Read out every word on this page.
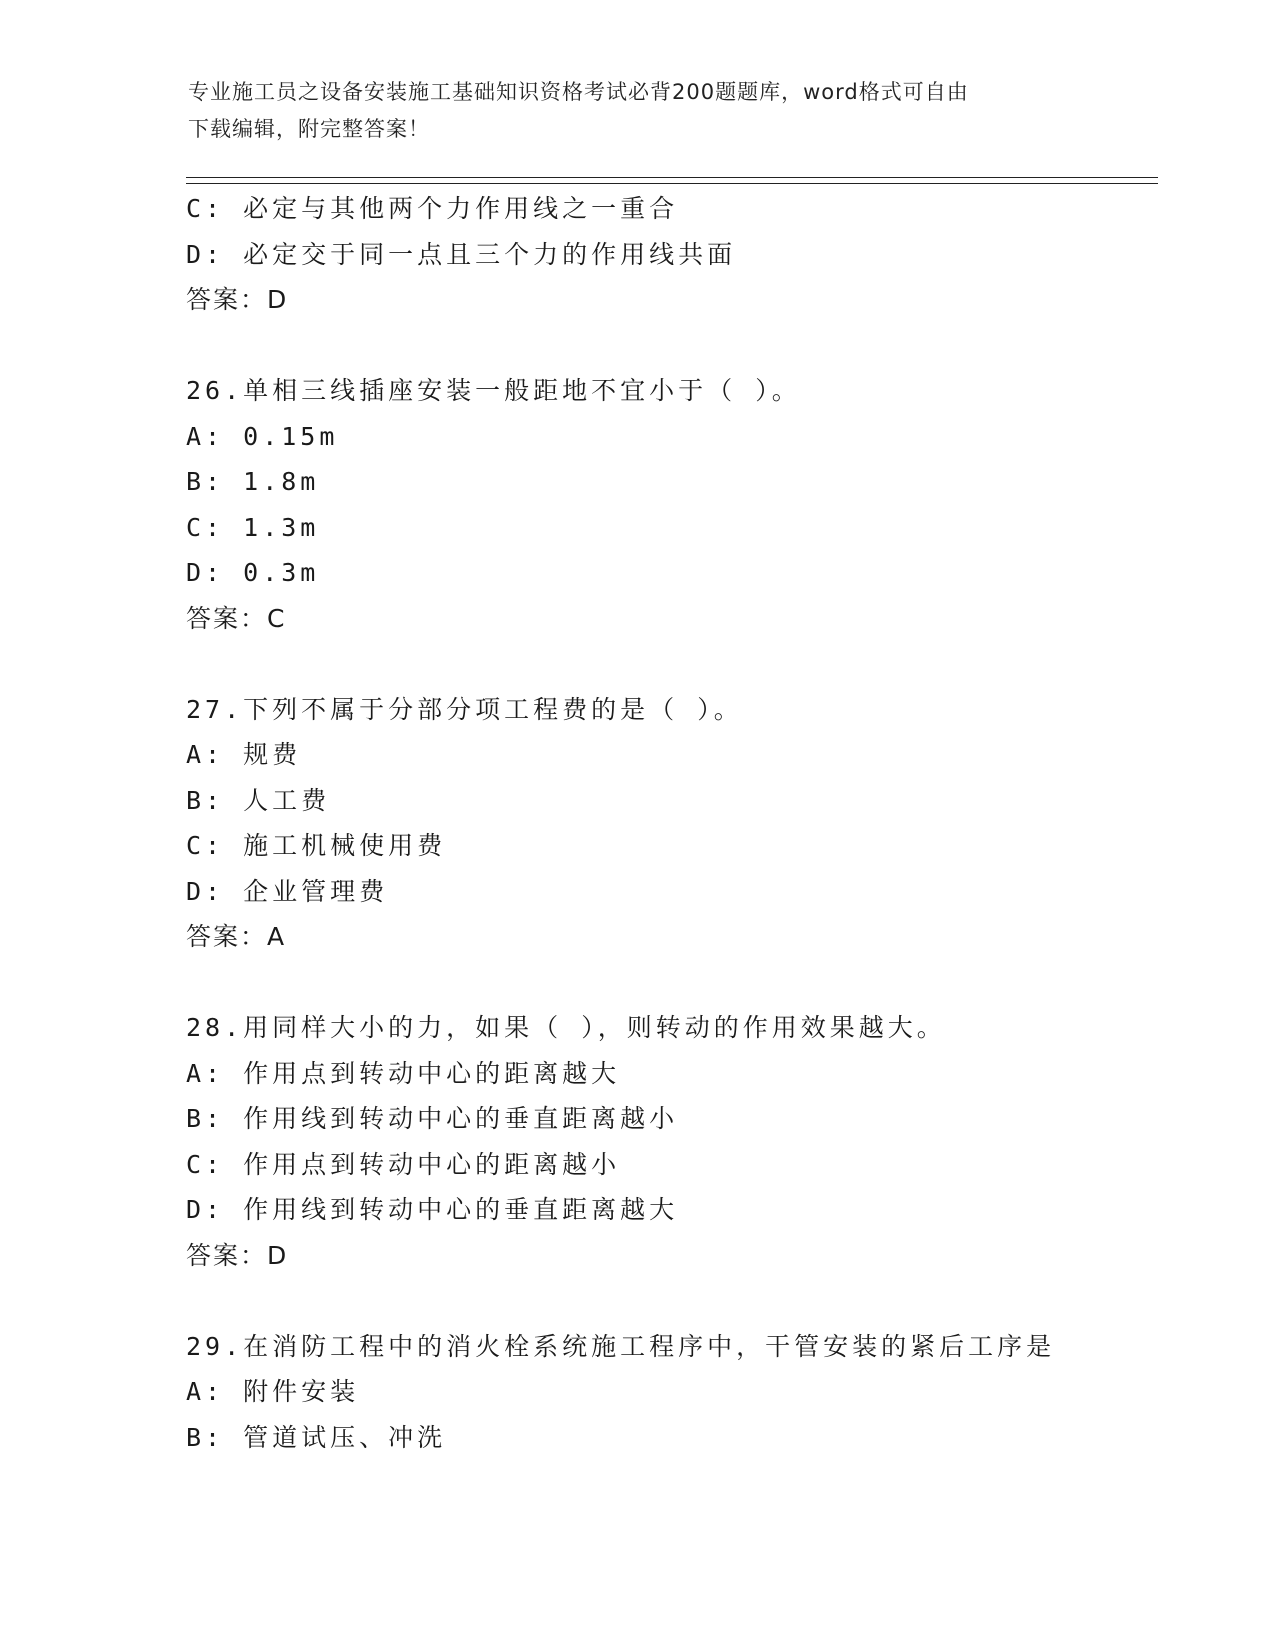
专业施工员之设备安装施工基础知识资格考试必背200题题库，word格式可自由
下载编辑，附完整答案！
C: 必定与其他两个力作用线之一重合
D: 必定交于同一点且三个力的作用线共面
答案：D
26.单相三线插座安装一般距地不宜小于（ ）。
A: 0.15m
B: 1.8m
C: 1.3m
D: 0.3m
答案：C
27.下列不属于分部分项工程费的是（ ）。
A: 规费
B: 人工费
C: 施工机械使用费
D: 企业管理费
答案：A
28.用同样大小的力，如果（ ），则转动的作用效果越大。
A: 作用点到转动中心的距离越大
B: 作用线到转动中心的垂直距离越小
C: 作用点到转动中心的距离越小
D: 作用线到转动中心的垂直距离越大
答案：D
29.在消防工程中的消火栓系统施工程序中，干管安装的紧后工序是
A: 附件安装
B: 管道试压、冲洗
